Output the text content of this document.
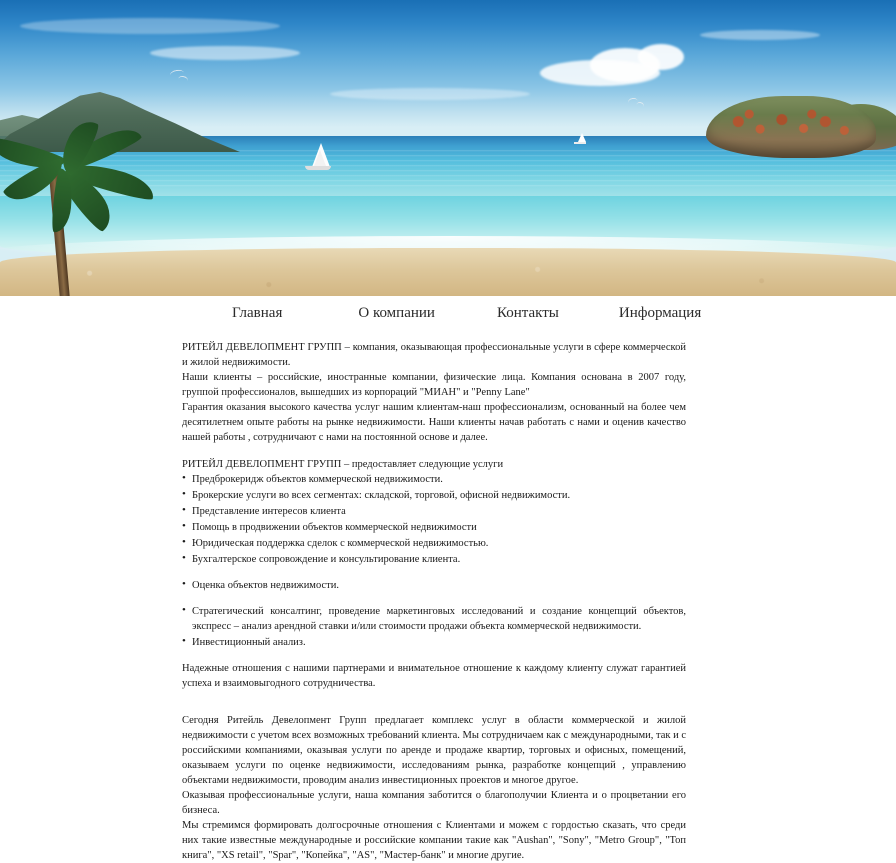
Главная	О компании	Контакты	Информация

РИТЕЙЛ ДЕВЕЛОПМЕНТ ГРУПП – компания, оказывающая профессиональные услуги в сфере коммерческой и жилой недвижимости.

Наши клиенты – российские, иностранные компании, физические лица. Компания основана в 2007 году, группой профессионалов, вышедших из корпораций "МИАН" и "Penny Lane"

Гарантия оказания высокого качества услуг нашим клиентам-наш профессионализм, основанный на более чем десятилетнем опыте работы на рынке недвижимости. Наши клиенты начав работать с нами и оценив качество нашей работы , сотрудничают с нами на постоянной основе и далее.

РИТЕЙЛ ДЕВЕЛОПМЕНТ ГРУПП – предоставляет следующие услуги

• Предброкеридж объектов коммерческой недвижимости.
• Брокерские услуги во всех сегментах: складской, торговой, офисной недвижимости.
• Представление интересов клиента
• Помощь в продвижении объектов коммерческой недвижимости
• Юридическая поддержка сделок с коммерческой недвижимостью.
• Бухгалтерское сопровождение и консультирование клиента.
• Оценка объектов недвижимости.
• Стратегический консалтинг, проведение маркетинговых исследований и создание концепций объектов, экспресс – анализ арендной ставки и/или стоимости продажи объекта коммерческой недвижимости.
• Инвестиционный анализ.

Надежные отношения с нашими партнерами и внимательное отношение к каждому клиенту служат гарантией успеха и взаимовыгодного сотрудничества.

Сегодня Ритейль Девелопмент Групп предлагает комплекс услуг в области коммерческой и жилой недвижимости с учетом всех возможных требований клиента. Мы сотрудничаем как с международными, так и с российскими компаниями, оказывая услуги по аренде и продаже квартир, торговых и офисных, помещений, оказываем услуги по оценке недвижимости, исследованиям рынка, разработке концепций , управлению объектами недвижимости, проводим анализ инвестиционных проектов и многое другое.

Оказывая профессиональные услуги, наша компания заботится о благополучии Клиента и о процветании его бизнеса.

Мы стремимся формировать долгосрочные отношения с Клиентами и можем с гордостью сказать, что среди них такие известные международные и российские компании такие как "Aushan", "Sony", "Metro Group", "Топ книга", "XS retail", "Spar", "Копейка", "AS", "Мастер-банк" и многие другие.
